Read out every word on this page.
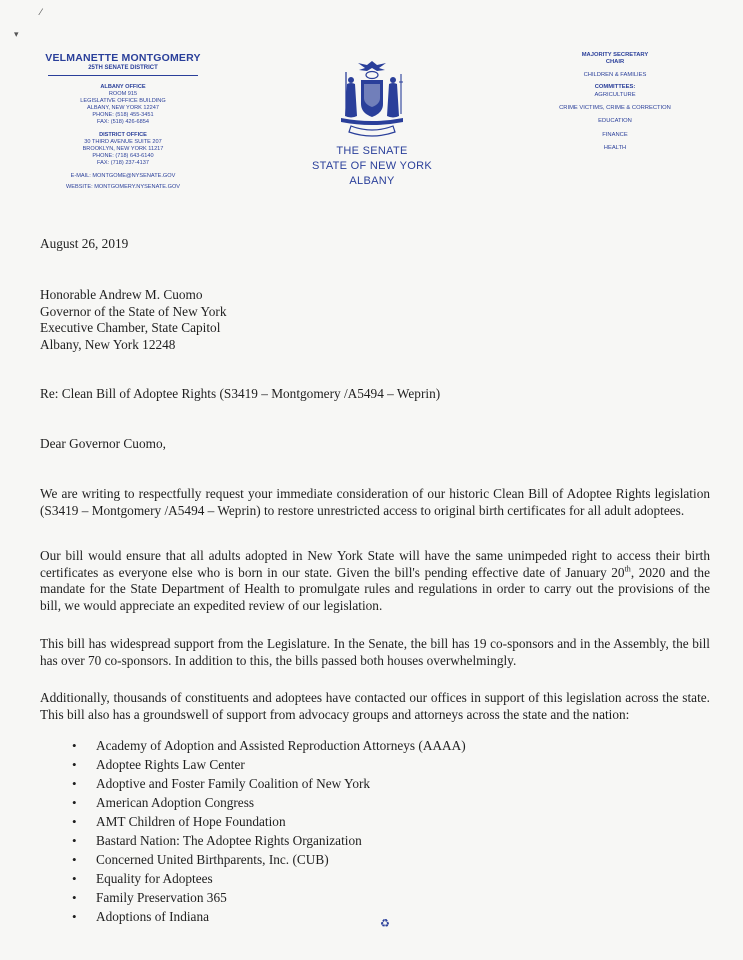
⁄
▾
VELMANETTE MONTGOMERY
25TH SENATE DISTRICT
ALBANY OFFICE
ROOM 915
LEGISLATIVE OFFICE BUILDING
ALBANY, NEW YORK 12247
PHONE: (518) 455-3451
FAX: (518) 426-6854
DISTRICT OFFICE
30 THIRD AVENUE SUITE 207
BROOKLYN, NEW YORK 11217
PHONE: (718) 643-6140
FAX: (718) 237-4137
E-MAIL: MONTGOME@NYSENATE.GOV
WEBSITE: MONTGOMERY.NYSENATE.GOV
THE SENATE
STATE OF NEW YORK
ALBANY
MAJORITY SECRETARY
CHAIR
CHILDREN & FAMILIES
COMMITTEES:
AGRICULTURE
CRIME VICTIMS, CRIME & CORRECTION
EDUCATION
FINANCE
HEALTH
August 26, 2019
Honorable Andrew M. Cuomo
Governor of the State of New York
Executive Chamber, State Capitol
Albany, New York 12248
Re: Clean Bill of Adoptee Rights (S3419 – Montgomery /A5494 – Weprin)
Dear Governor Cuomo,
We are writing to respectfully request your immediate consideration of our historic Clean Bill of Adoptee Rights legislation (S3419 – Montgomery /A5494 – Weprin) to restore unrestricted access to original birth certificates for all adult adoptees.
Our bill would ensure that all adults adopted in New York State will have the same unimpeded right to access their birth certificates as everyone else who is born in our state. Given the bill's pending effective date of January 20th, 2020 and the mandate for the State Department of Health to promulgate rules and regulations in order to carry out the provisions of the bill, we would appreciate an expedited review of our legislation.
This bill has widespread support from the Legislature. In the Senate, the bill has 19 co-sponsors and in the Assembly, the bill has over 70 co-sponsors. In addition to this, the bills passed both houses overwhelmingly.
Additionally, thousands of constituents and adoptees have contacted our offices in support of this legislation across the state. This bill also has a groundswell of support from advocacy groups and attorneys across the state and the nation:
• Academy of Adoption and Assisted Reproduction Attorneys (AAAA)
• Adoptee Rights Law Center
• Adoptive and Foster Family Coalition of New York
• American Adoption Congress
• AMT Children of Hope Foundation
• Bastard Nation: The Adoptee Rights Organization
• Concerned United Birthparents, Inc. (CUB)
• Equality for Adoptees
• Family Preservation 365
• Adoptions of Indiana	♻
